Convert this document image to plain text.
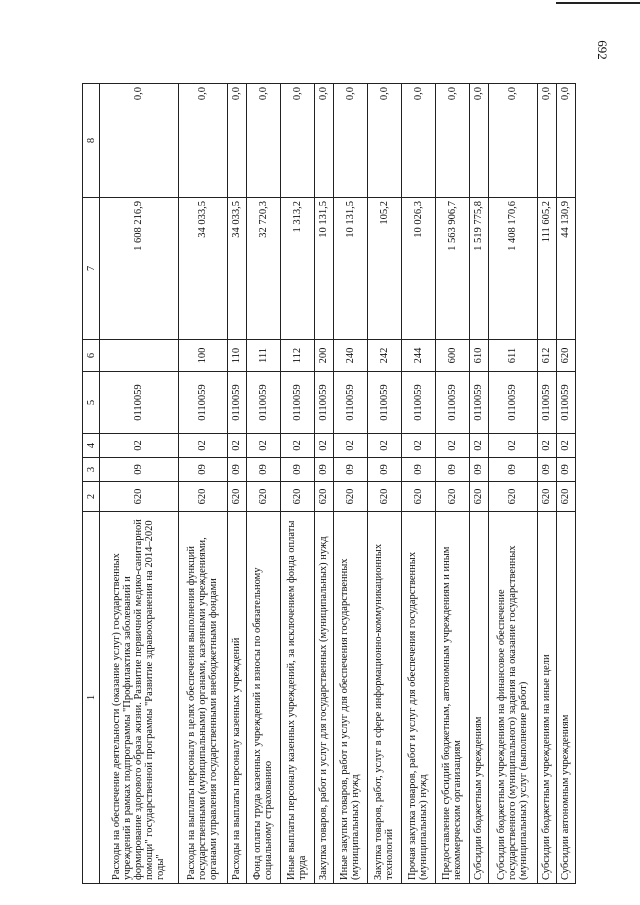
692
1	2	3	4	5	6	7	8
Расходы на обеспечение деятельности (оказание услуг) государственных учреждений в рамках подпрограммы "Профилактика заболеваний и формирование здорового образа жизни. Развитие первичной медико-санитарной помощи" государственной программы "Развитие здравоохранения на 2014–2020 годы"	620	09	02	0110059		1 608 216,9	0,0
Расходы на выплаты персоналу в целях обеспечения выполнения функций государственными (муниципальными) органами, казенными учреждениями, органами управления государственными внебюджетными фондами	620	09	02	0110059	100	34 033,5	0,0
Расходы на выплаты персоналу казенных учреждений	620	09	02	0110059	110	34 033,5	0,0
Фонд оплаты труда казенных учреждений и взносы по обязательному социальному страхованию	620	09	02	0110059	111	32 720,3	0,0
Иные выплаты персоналу казенных учреждений, за исключением фонда оплаты труда	620	09	02	0110059	112	1 313,2	0,0
Закупка товаров, работ и услуг для государственных (муниципальных) нужд	620	09	02	0110059	200	10 131,5	0,0
Иные закупки товаров, работ и услуг для обеспечения государственных (муниципальных) нужд	620	09	02	0110059	240	10 131,5	0,0
Закупка товаров, работ, услуг в сфере информационно-коммуникационных технологий	620	09	02	0110059	242	105,2	0,0
Прочая закупка товаров, работ и услуг для обеспечения государственных (муниципальных) нужд	620	09	02	0110059	244	10 026,3	0,0
Предоставление субсидий бюджетным, автономным учреждениям и иным некоммерческим организациям	620	09	02	0110059	600	1 563 906,7	0,0
Субсидии бюджетным учреждениям	620	09	02	0110059	610	1 519 775,8	0,0
Субсидии бюджетным учреждениям на финансовое обеспечение государственного (муниципального) задания на оказание государственных (муниципальных) услуг (выполнение работ)	620	09	02	0110059	611	1 408 170,6	0,0
Субсидии бюджетным учреждениям на иные цели	620	09	02	0110059	612	111 605,2	0,0
Субсидии автономным учреждениям	620	09	02	0110059	620	44 130,9	0,0
